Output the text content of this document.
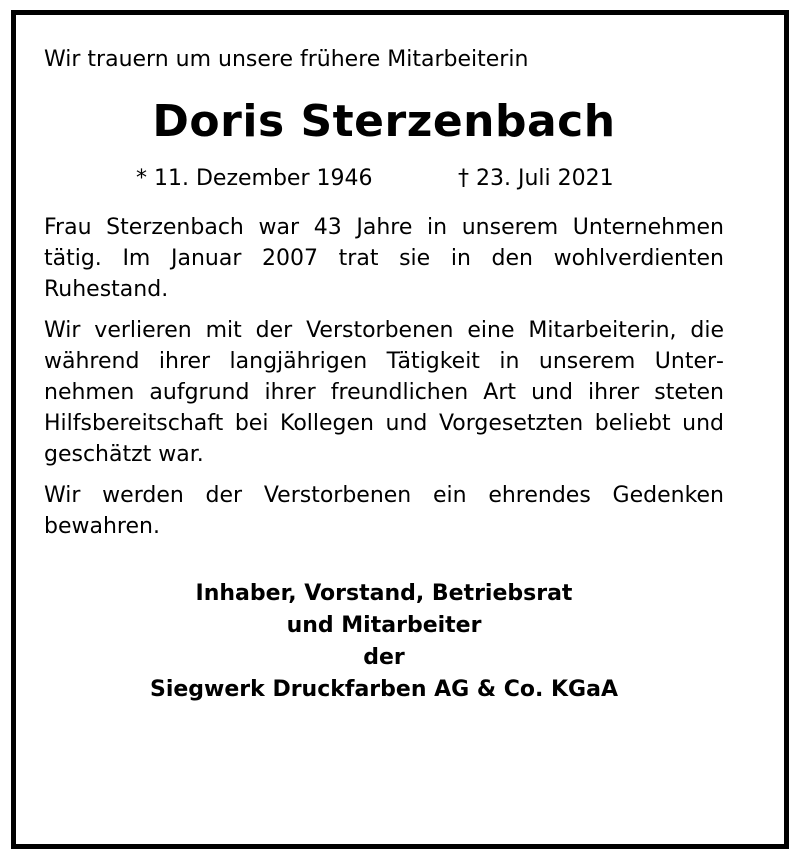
Wir trauern um unsere frühere Mitarbeiterin

Doris Sterzenbach
* 11. Dezember 1946	† 23. Juli 2021

Frau Sterzenbach war 43 Jahre in unserem Unternehmen tätig. Im Januar 2007 trat sie in den wohlverdienten Ruhestand.

Wir verlieren mit der Verstorbenen eine Mitarbeiterin, die während ihrer langjährigen Tätigkeit in unserem Unternehmen aufgrund ihrer freundlichen Art und ihrer steten Hilfsbereitschaft bei Kollegen und Vorgesetzten beliebt und geschätzt war.

Wir werden der Verstorbenen ein ehrendes Gedenken bewahren.

Inhaber, Vorstand, Betriebsrat
und Mitarbeiter
der
Siegwerk Druckfarben AG & Co. KGaA
